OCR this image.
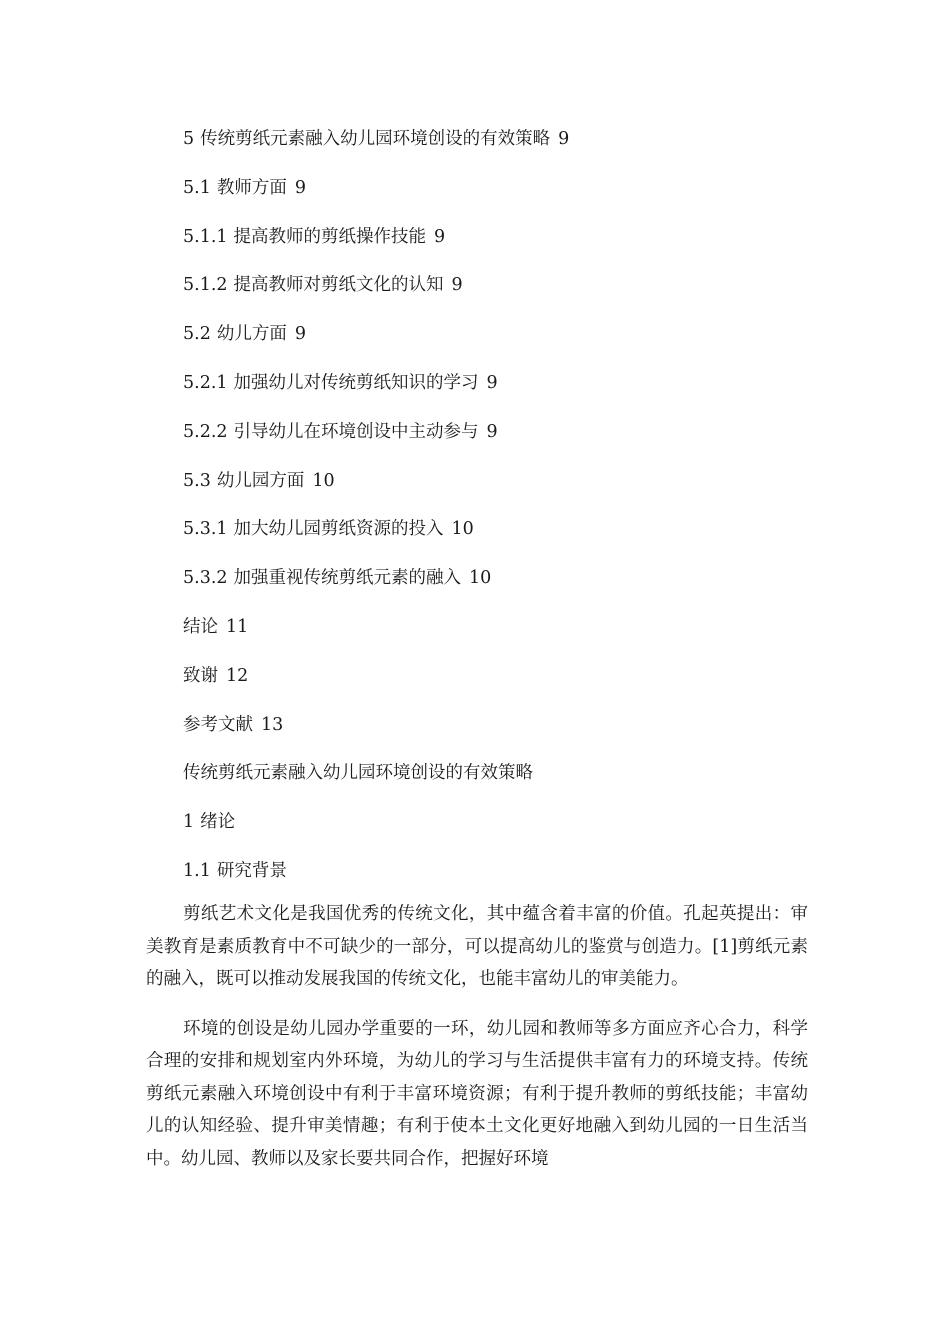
5 传统剪纸元素融入幼儿园环境创设的有效策略 9
5.1 教师方面 9
5.1.1 提高教师的剪纸操作技能 9
5.1.2 提高教师对剪纸文化的认知 9
5.2 幼儿方面 9
5.2.1 加强幼儿对传统剪纸知识的学习 9
5.2.2 引导幼儿在环境创设中主动参与 9
5.3 幼儿园方面 10
5.3.1 加大幼儿园剪纸资源的投入 10
5.3.2 加强重视传统剪纸元素的融入 10
结论 11
致谢 12
参考文献 13
传统剪纸元素融入幼儿园环境创设的有效策略
1 绪论
1.1 研究背景

剪纸艺术文化是我国优秀的传统文化，其中蕴含着丰富的价值。孔起英提出：审美教育是素质教育中不可缺少的一部分，可以提高幼儿的鉴赏与创造力。[1]剪纸元素的融入，既可以推动发展我国的传统文化，也能丰富幼儿的审美能力。

环境的创设是幼儿园办学重要的一环，幼儿园和教师等多方面应齐心合力，科学合理的安排和规划室内外环境，为幼儿的学习与生活提供丰富有力的环境支持。传统剪纸元素融入环境创设中有利于丰富环境资源；有利于提升教师的剪纸技能；丰富幼儿的认知经验、提升审美情趣；有利于使本土文化更好地融入到幼儿园的一日生活当中。幼儿园、教师以及家长要共同合作，把握好环境
